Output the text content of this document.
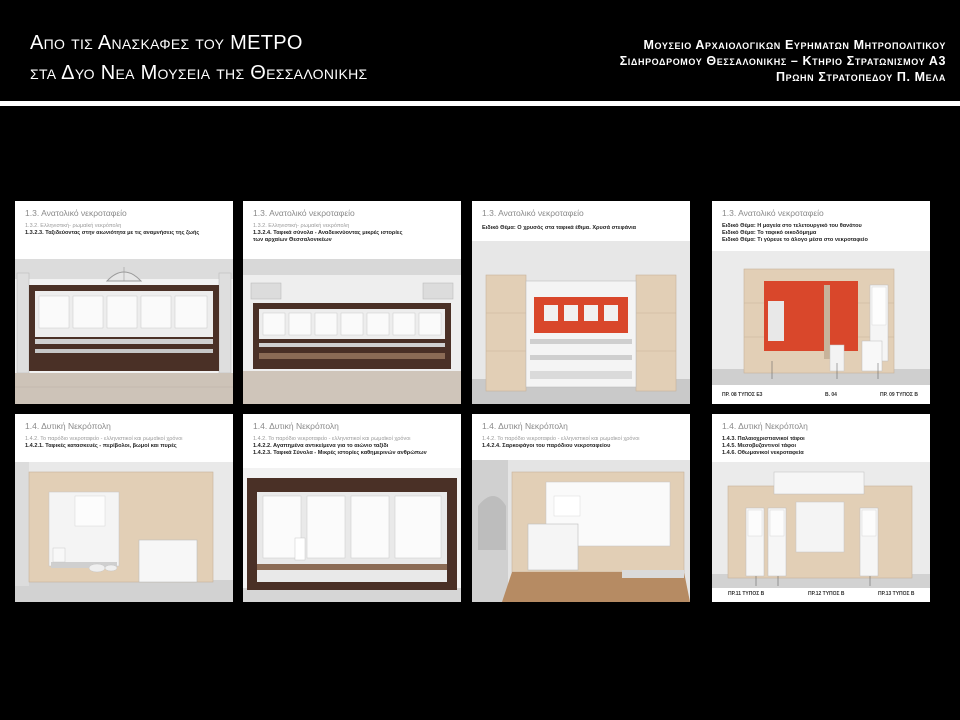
Απο τις Ανασκαφες του ΜΕΤΡΟ
στα Δυο Νεα Μουσεια της Θεσσαλονικης
Μουσειο Αρχαιολογικων Ευρηματων Μητροπολιτικου
Σιδηροδρομου Θεσσαλονικης – Κτηριο Στρατωνισμου Α3
Πρωην Στρατοπεδου Π. Μελα
1.3. Ανατολικό νεκροταφείο
1.3.2. Ελληνιστική- ρωμαϊκή νεκρόπολη
1.3.2.3. Ταξιδεύοντας στην αιωνιότητα με τις αναμνήσεις της ζωής
1.3. Ανατολικό νεκροταφείο
1.3.2. Ελληνιστική- ρωμαϊκή νεκρόπολη
1.3.2.4. Ταφικά σύνολα - Αναδεικνύοντας μικρές ιστορίες
των αρχαίων Θεσσαλονικέων
1.3. Ανατολικό νεκροταφείο
Ειδικό Θέμα: Ο χρυσός στα ταφικά έθιμα. Χρυσά στεφάνια
1.3. Ανατολικό νεκροταφείο
Ειδικό Θέμα: Η μαγεία στο τελετουργικό του θανάτου
Ειδικό Θέμα: Το ταφικό οικοδόμημα
Ειδικό Θέμα: Τι γύρευε το άλογο μέσα στο νεκροταφείο
ΠΡ. 08 ΤΥΠΟΣ Ε3	Β. 04	ΠΡ. 09 ΤΥΠΟΣ Β
1.4. Δυτική Νεκρόπολη
1.4.2. Το παρόδιο νεκροταφείο - ελληνιστικοί και ρωμαϊκοί χρόνοι
1.4.2.1. Ταφικές κατασκευές - περίβολοι, βωμοί και πυρές
1.4. Δυτική Νεκρόπολη
1.4.2. Το παρόδιο νεκροταφείο - ελληνιστικοί και ρωμαϊκοί χρόνοι
1.4.2.2. Αγαπημένα αντικείμενα για το αιώνιο ταξίδι
1.4.2.3. Ταφικά Σύνολα - Μικρές ιστορίες καθημερινών ανθρώπων
1.4. Δυτική Νεκρόπολη
1.4.2. Το παρόδιο νεκροταφείο - ελληνιστικοί και ρωμαϊκοί χρόνοι
1.4.2.4. Σαρκοφάγοι του παρόδιου νεκροταφείου
1.4. Δυτική Νεκρόπολη
1.4.3. Παλαιοχριστιανικοί τάφοι
1.4.5. Μεσοβυζαντινοί τάφοι
1.4.6. Οθωμανικοί νεκροταφεία
ΠΡ.11 ΤΥΠΟΣ Β	ΠΡ.12 ΤΥΠΟΣ Β	ΠΡ.13 ΤΥΠΟΣ Β
